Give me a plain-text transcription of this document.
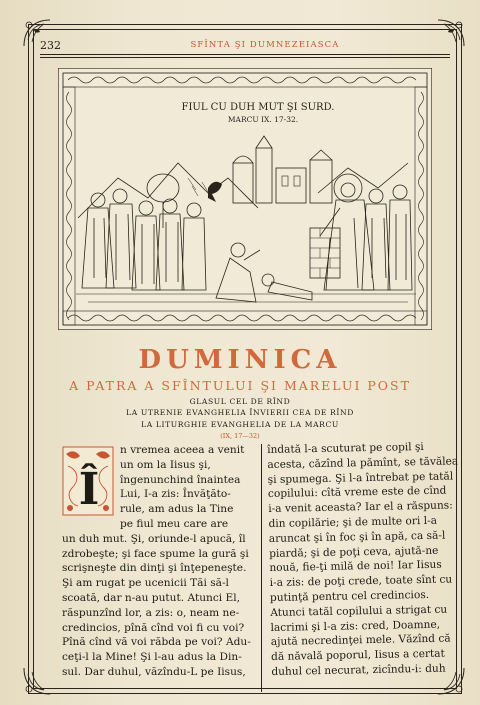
232	SFÎNTA ŞI DUMNEZEIASCA
FIUL CU DUH MUT ŞI SURD.
MARCU IX. 17-32.
DUMINICA
A PATRA A SFÎNTULUI ŞI MARELUI POST
GLASUL CEL DE RÎND
LA UTRENIE EVANGHELIA ÎNVIERII CEA DE RÎND
LA LITURGHIE EVANGHELIA DE LA MARCU
(IX, 17—32)
Î
n vremea aceea a venit
un om la Iisus şi,
îngenunchind înaintea
Lui, I-a zis: Învăţăto-
rule, am adus la Tine
pe fiul meu care are
un duh mut. Şi, oriunde-l apucă, îl
zdrobeşte; şi face spume la gură şi
scrişneşte din dinţi şi înţepeneşte.
Şi am rugat pe ucenicii Tăi să-l
scoată, dar n-au putut. Atunci El,
răspunzînd lor, a zis: o, neam ne-
credincios, pînă cînd voi fi cu voi?
Pînă cînd vă voi răbda pe voi? Adu-
ceţi-l la Mine! Şi l-au adus la Din-
sul. Dar duhul, văzîndu-L pe Iisus,
îndată l-a scuturat pe copil şi
acesta, căzînd la pămînt, se tăvălea
şi spumega. Şi l-a întrebat pe tatăl
copilului: cîtă vreme este de cînd
i-a venit aceasta? Iar el a răspuns:
din copilărie; şi de multe ori l-a
aruncat şi în foc şi în apă, ca să-l
piardă; şi de poţi ceva, ajută-ne
nouă, fie-ţi milă de noi! Iar Iisus
i-a zis: de poţi crede, toate sînt cu
putinţă pentru cel credincios.
Atunci tatăl copilului a strigat cu
lacrimi şi l-a zis: cred, Doamne,
ajută necredinţei mele. Văzînd că
dă năvală poporul, Iisus a certat
duhul cel necurat, zicîndu-i: duh
